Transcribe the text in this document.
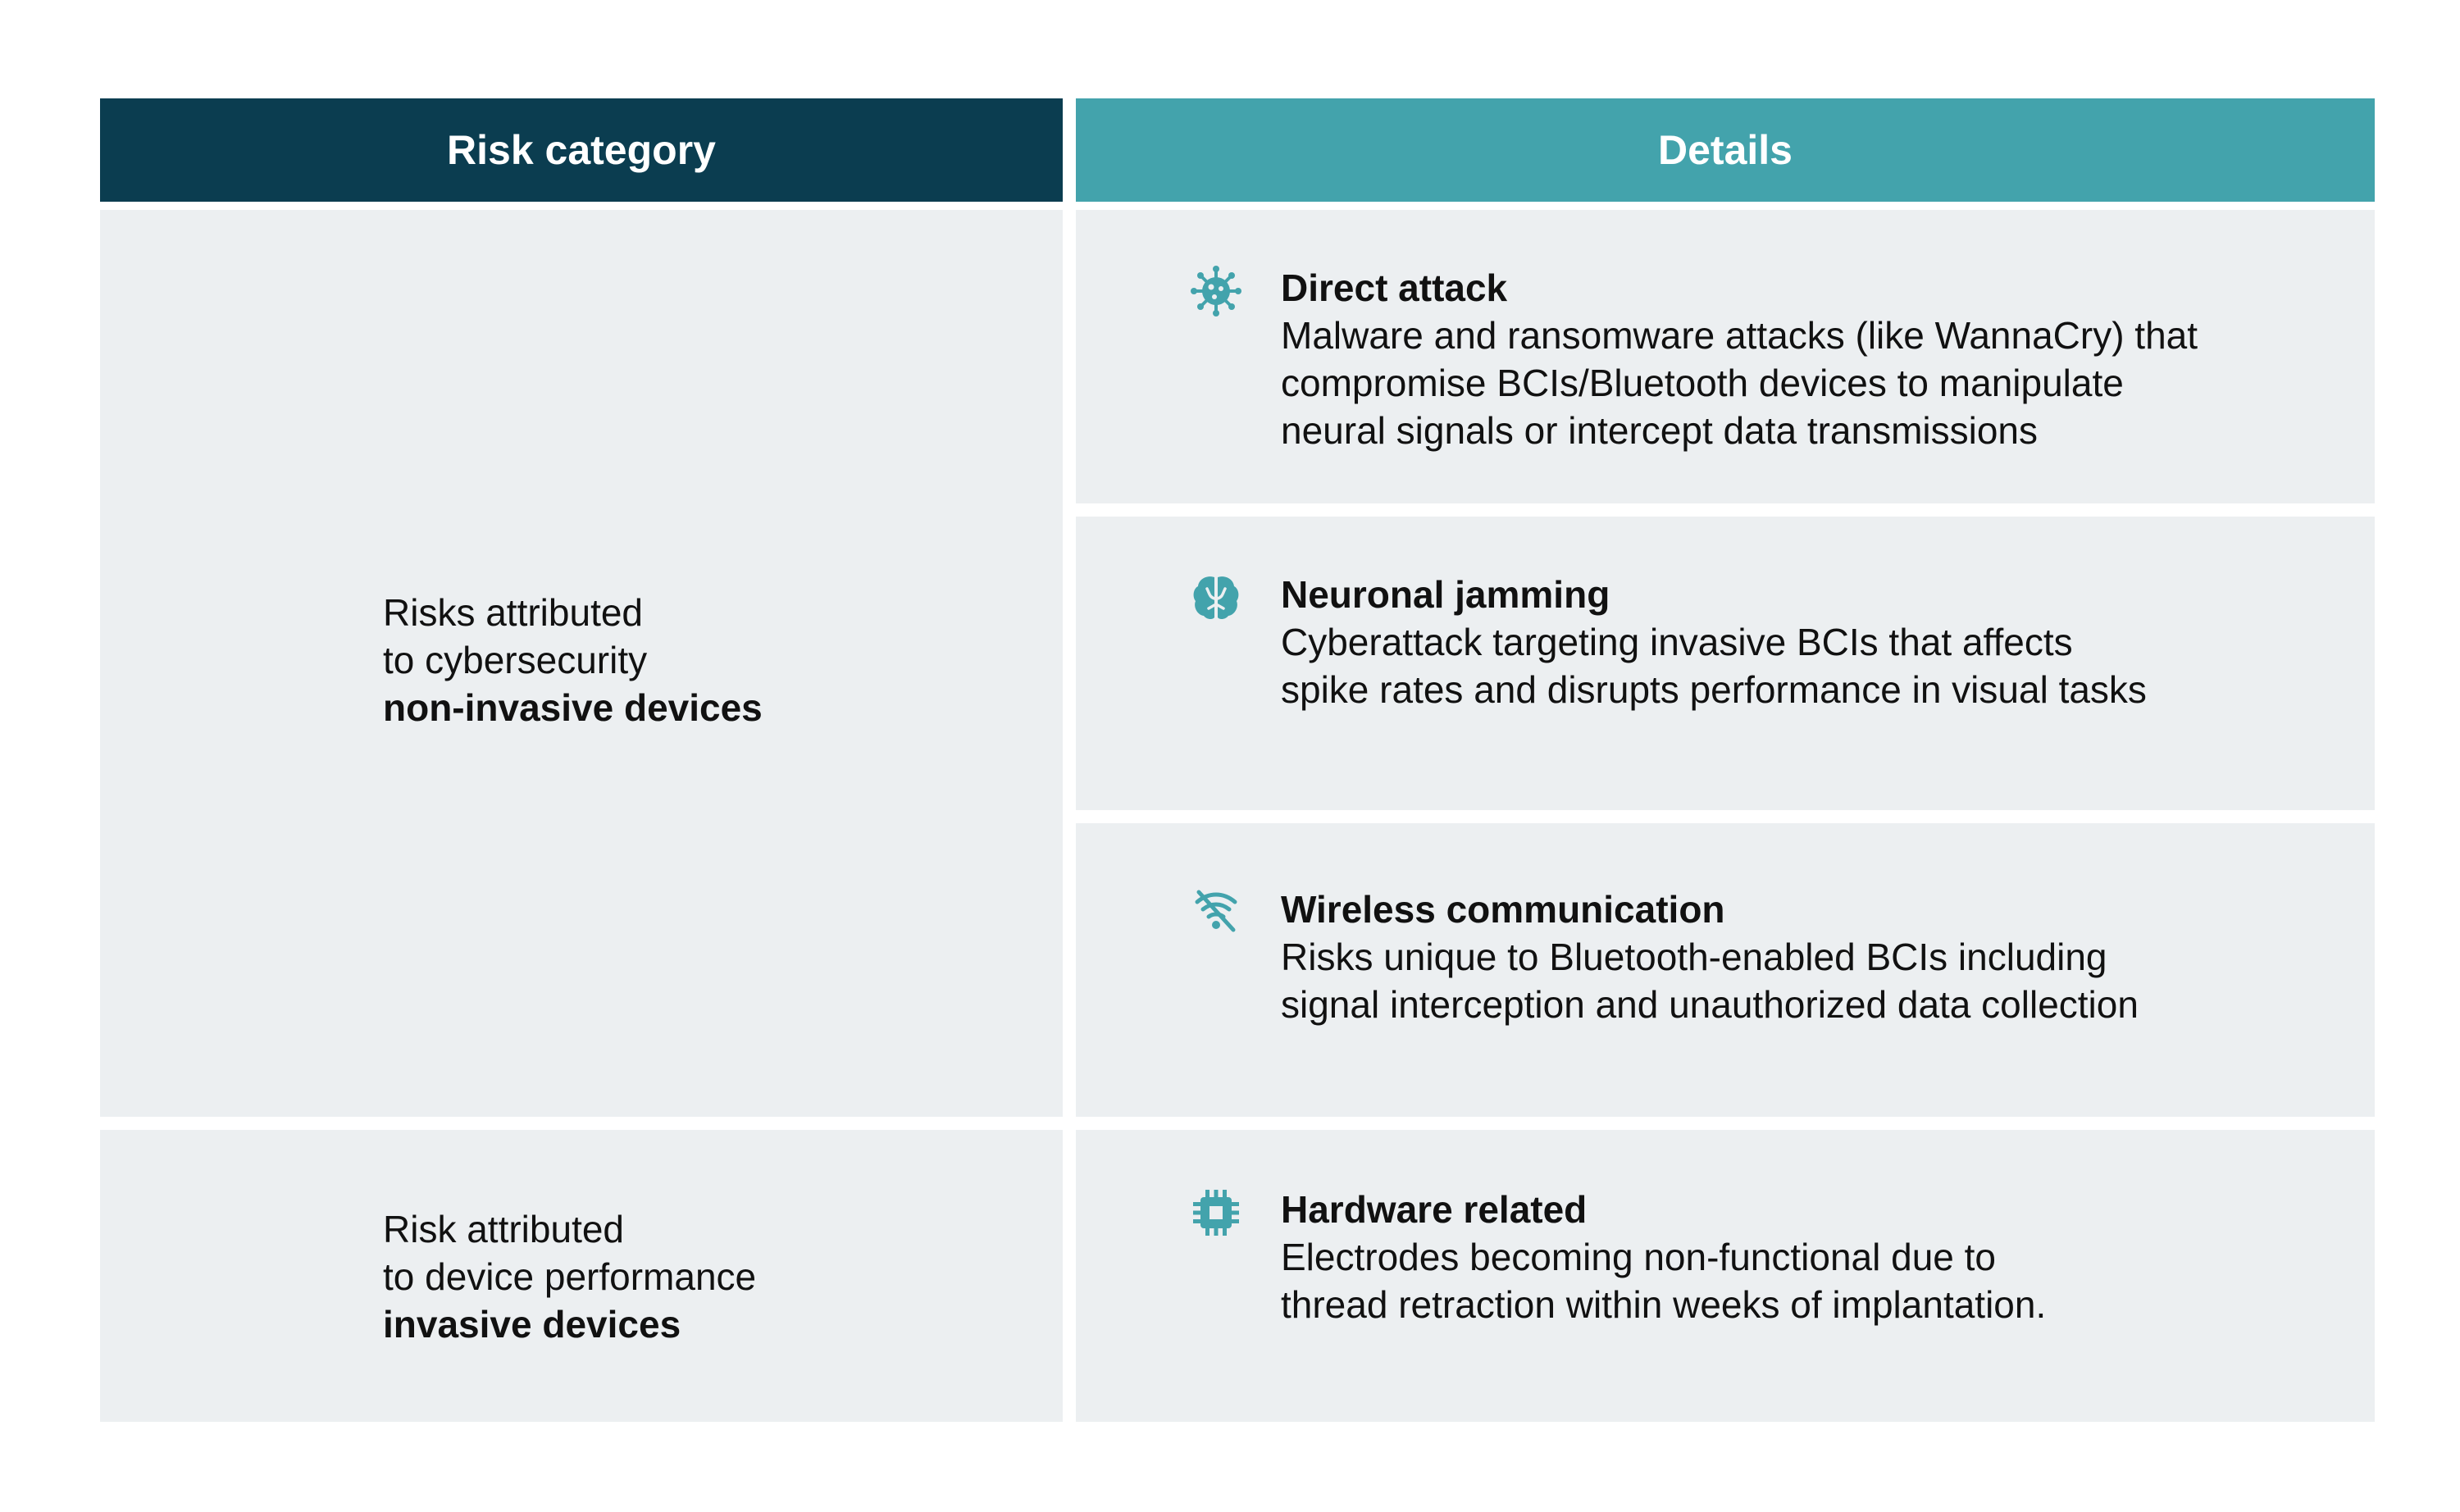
Risk category	Details
Risks attributed
to cybersecurity
non-invasive devices
Risk attributed
to device performance
invasive devices
Direct attack
Malware and ransomware attacks (like WannaCry) that
compromise BCIs/Bluetooth devices to manipulate
neural signals or intercept data transmissions
Neuronal jamming
Cyberattack targeting invasive BCIs that affects
spike rates and disrupts performance in visual tasks
Wireless communication
Risks unique to Bluetooth-enabled BCIs including
signal interception and unauthorized data collection
Hardware related
Electrodes becoming non-functional due to
thread retraction within weeks of implantation.
